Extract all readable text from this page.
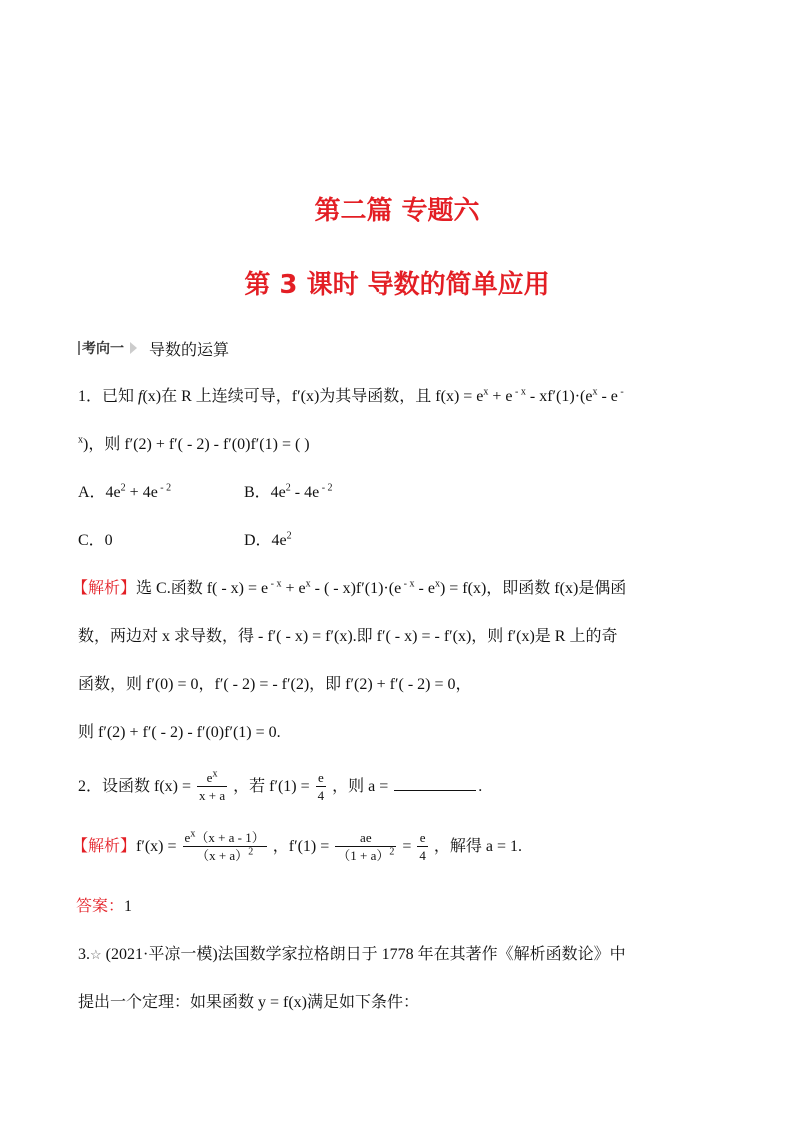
第二篇 专题六
第 3 课时 导数的简单应用
考向一 导数的运算
1．已知 f(x)在 R 上连续可导，f′(x)为其导函数，且 $f(x) = e^x + e$ $^{- x} - xf'(1)\cdot(e^x - e$ -
$^x$)，则 f′(2) + f′( - 2) - f′(0)f′(1) = ( )
A．$4e^2 + 4e$ $^{- 2}$	B．$4e^2 - 4e$ $^{- 2}$
C．0	D．$4e^2$
【解析】选 C.函数 f( - x) = e $^{- x} + e^x$ - ( - x)f′(1)·(e $^{- x} - e^x) = f(x)$，即函数 f(x)是偶函
数，两边对 x 求导数，得 - f′( - x) = f′(x).即 f′( - x) = - f′(x)，则 f′(x)是 R 上的奇
函数，则 f′(0) = 0，f′( - 2) = - f′(2)，即 f′(2) + f′( - 2) = 0，
则 f′(2) + f′( - 2) - f′(0)f′(1) = 0.
2．设函数 $f(x) = \frac{e^x}{x + a}$ ，若 $f'(1) = \frac{e}{4}$ ，则 a =	.
【解析】$f'(x) = \frac{e^x(x + a - 1)}{(x + a)^2}$ ，$f'(1) = \frac{ae}{(1 + a)^2} = \frac{e}{4}$ ，解得 a = 1.
答案：1
3.☆ (2021·平凉一模)法国数学家拉格朗日于 1778 年在其著作《解析函数论》中
提出一个定理：如果函数 y = f(x)满足如下条件：
